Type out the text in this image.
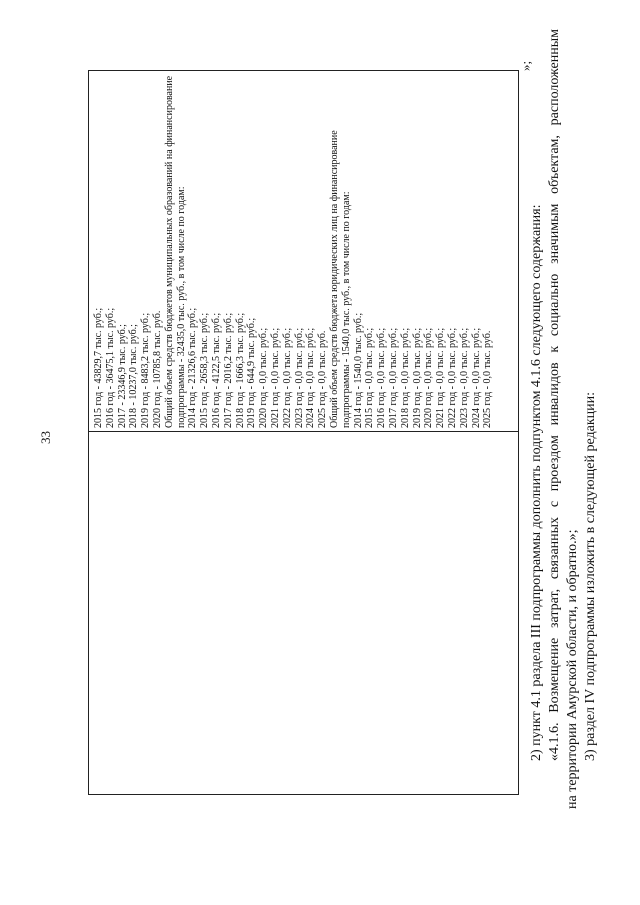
33
2015 год - 43829,7 тыс. руб.; 2016 год - 36475,1 тыс. руб.; 2017 - 23346,9 тыс. руб.; 2018 - 10237,0 тыс. руб.; 2019 год - 8483,2 тыс. руб.; 2020 год - 10785,8 тыс. руб. Общий объем средств бюджетов муниципальных образований на финансирование подпрограммы - 32435,0 тыс. руб., в том числе по годам: 2014 год - 21326,6 тыс. руб.; 2015 год - 2658,3 тыс. руб.; 2016 год - 4122,5 тыс. руб.; 2017 год - 2016,2 тыс. руб.; 2018 год - 1666,3 тыс. руб.; 2019 год - 644,9 тыс. руб.; 2020 год - 0,0 тыс. руб.; 2021 год - 0,0 тыс. руб.; 2022 год - 0,0 тыс. руб.; 2023 год - 0,0 тыс. руб.; 2024 год - 0,0 тыс. руб.; 2025 год - 0,0 тыс. руб. Общий объем средств бюджета юридических лиц на финансирование подпрограммы - 1540,0 тыс. руб., в том числе по годам: 2014 год - 1540,0 тыс. руб.; 2015 год - 0,0 тыс. руб.; 2016 год - 0,0 тыс. руб.; 2017 год - 0,0 тыс. руб.; 2018 год - 0,0 тыс. руб.; 2019 год - 0,0 тыс. руб.; 2020 год - 0,0 тыс. руб.; 2021 год - 0,0 тыс. руб.; 2022 год - 0,0 тыс. руб.; 2023 год - 0,0 тыс. руб.; 2024 год - 0,0 тыс. руб.; 2025 год - 0,0 тыс. руб.
»;
2) пункт 4.1 раздела III подпрограммы дополнить подпунктом 4.1.6 следующего содержания: «4.1.6. Возмещение затрат, связанных с проездом инвалидов к социально значимым объектам, расположенным на территории Амурской области, и обратно.»; 3) раздел IV подпрограммы изложить в следующей редакции:
